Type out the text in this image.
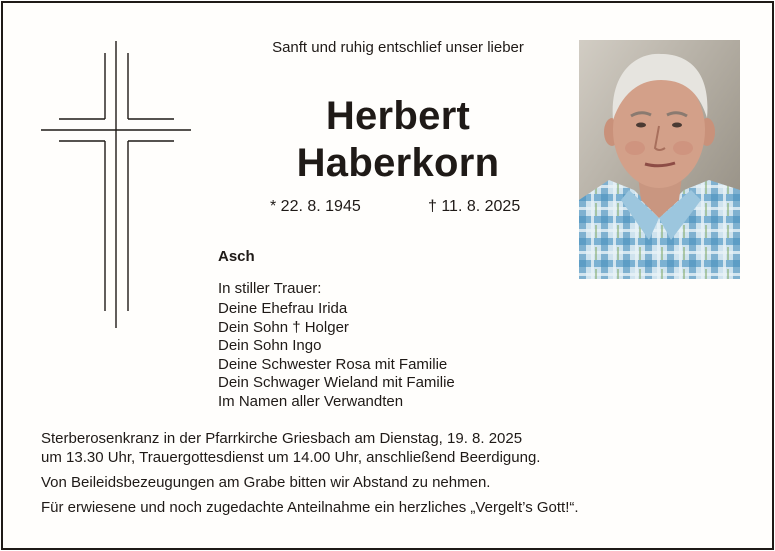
Sanft und ruhig entschlief unser lieber
Herbert
Haberkorn
* 22. 8. 1945	† 11. 8. 2025
Asch
In stiller Trauer:
Deine Ehefrau Irida
Dein Sohn † Holger
Dein Sohn Ingo
Deine Schwester Rosa mit Familie
Dein Schwager Wieland mit Familie
Im Namen aller Verwandten

Sterberosenkranz in der Pfarrkirche Griesbach am Dienstag, 19. 8. 2025

um 13.30 Uhr, Trauergottesdienst um 14.00 Uhr, anschließend Beerdigung.

Von Beileidsbezeugungen am Grabe bitten wir Abstand zu nehmen.

Für erwiesene und noch zugedachte Anteilnahme ein herzliches „Vergelt’s Gott!“.
